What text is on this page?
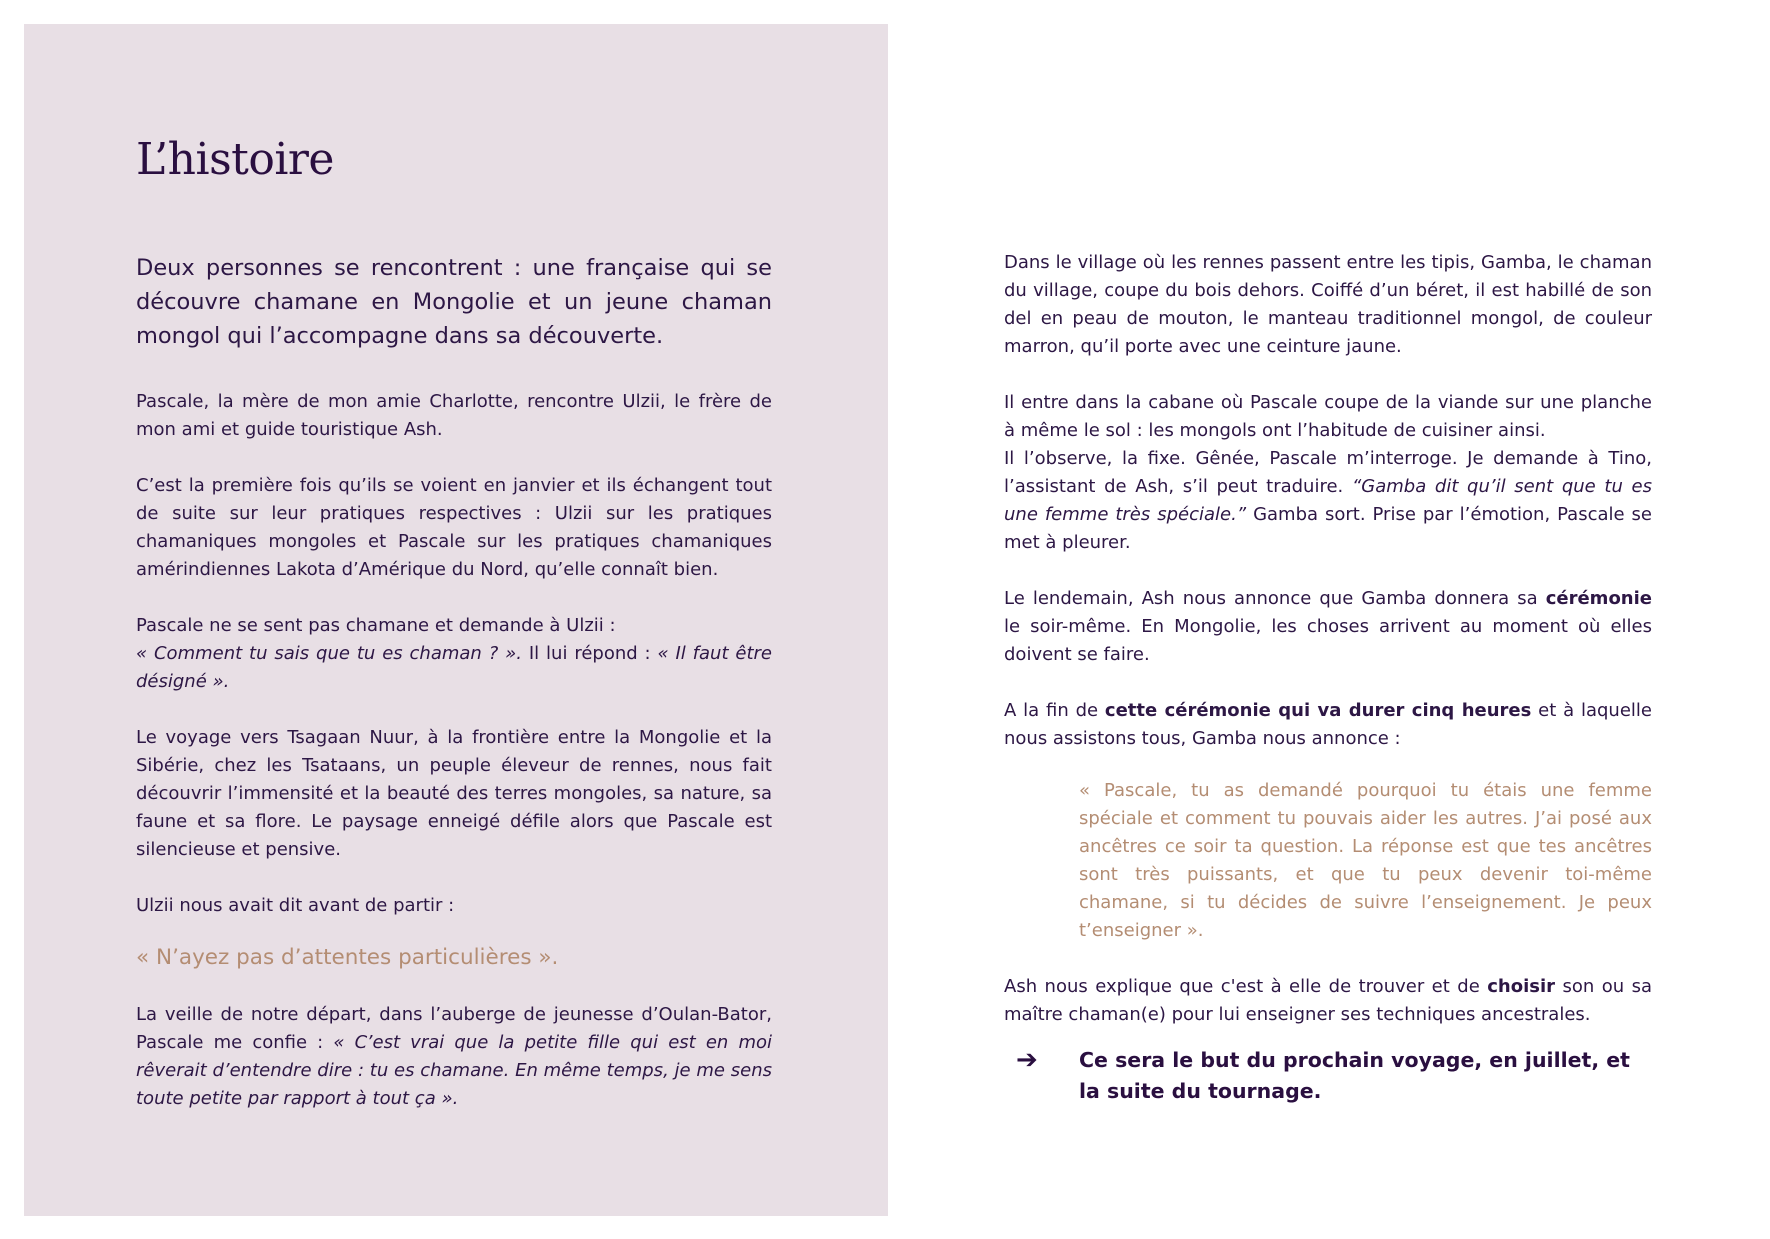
L’histoire

Deux personnes se rencontrent : une française qui se découvre chamane en Mongolie et un jeune chaman mongol qui l’accompagne dans sa découverte.

Pascale, la mère de mon amie Charlotte, rencontre Ulzii, le frère de mon ami et guide touristique Ash.

C’est la première fois qu’ils se voient en janvier et ils échangent tout de suite sur leur pratiques respectives : Ulzii sur les pratiques chamaniques mongoles et Pascale sur les pratiques chamaniques amérindiennes Lakota d’Amérique du Nord, qu’elle connaît bien.

Pascale ne se sent pas chamane et demande à Ulzii :
« Comment tu sais que tu es chaman ? ». Il lui répond : « Il faut être désigné ».

Le voyage vers Tsagaan Nuur, à la frontière entre la Mongolie et la Sibérie, chez les Tsataans, un peuple éleveur de rennes, nous fait découvrir l’immensité et la beauté des terres mongoles, sa nature, sa faune et sa flore. Le paysage enneigé défile alors que Pascale est silencieuse et pensive.

Ulzii nous avait dit avant de partir :

« N’ayez pas d’attentes particulières ».

La veille de notre départ, dans l’auberge de jeunesse d’Oulan-Bator, Pascale me confie : « C’est vrai que la petite fille qui est en moi rêverait d’entendre dire : tu es chamane. En même temps, je me sens toute petite par rapport à tout ça ».

Dans le village où les rennes passent entre les tipis, Gamba, le chaman du village, coupe du bois dehors. Coiffé d’un béret, il est habillé de son del en peau de mouton, le manteau traditionnel mongol, de couleur marron, qu’il porte avec une ceinture jaune.

Il entre dans la cabane où Pascale coupe de la viande sur une planche à même le sol : les mongols ont l’habitude de cuisiner ainsi.

Il l’observe, la fixe. Gênée, Pascale m’interroge. Je demande à Tino, l’assistant de Ash, s’il peut traduire. “Gamba dit qu’il sent que tu es une femme très spéciale.” Gamba sort. Prise par l’émotion, Pascale se met à pleurer.

Le lendemain, Ash nous annonce que Gamba donnera sa cérémonie le soir-même. En Mongolie, les choses arrivent au moment où elles doivent se faire.

A la fin de cette cérémonie qui va durer cinq heures et à laquelle nous assistons tous, Gamba nous annonce :

« Pascale, tu as demandé pourquoi tu étais une femme spéciale et comment tu pouvais aider les autres. J’ai posé aux ancêtres ce soir ta question. La réponse est que tes ancêtres sont très puissants, et que tu peux devenir toi-même chamane, si tu décides de suivre l’enseignement. Je peux t’enseigner ».

Ash nous explique que c'est à elle de trouver et de choisir son ou sa maître chaman(e) pour lui enseigner ses techniques ancestrales.

➔	Ce sera le but du prochain voyage, en juillet, et la suite du tournage.
